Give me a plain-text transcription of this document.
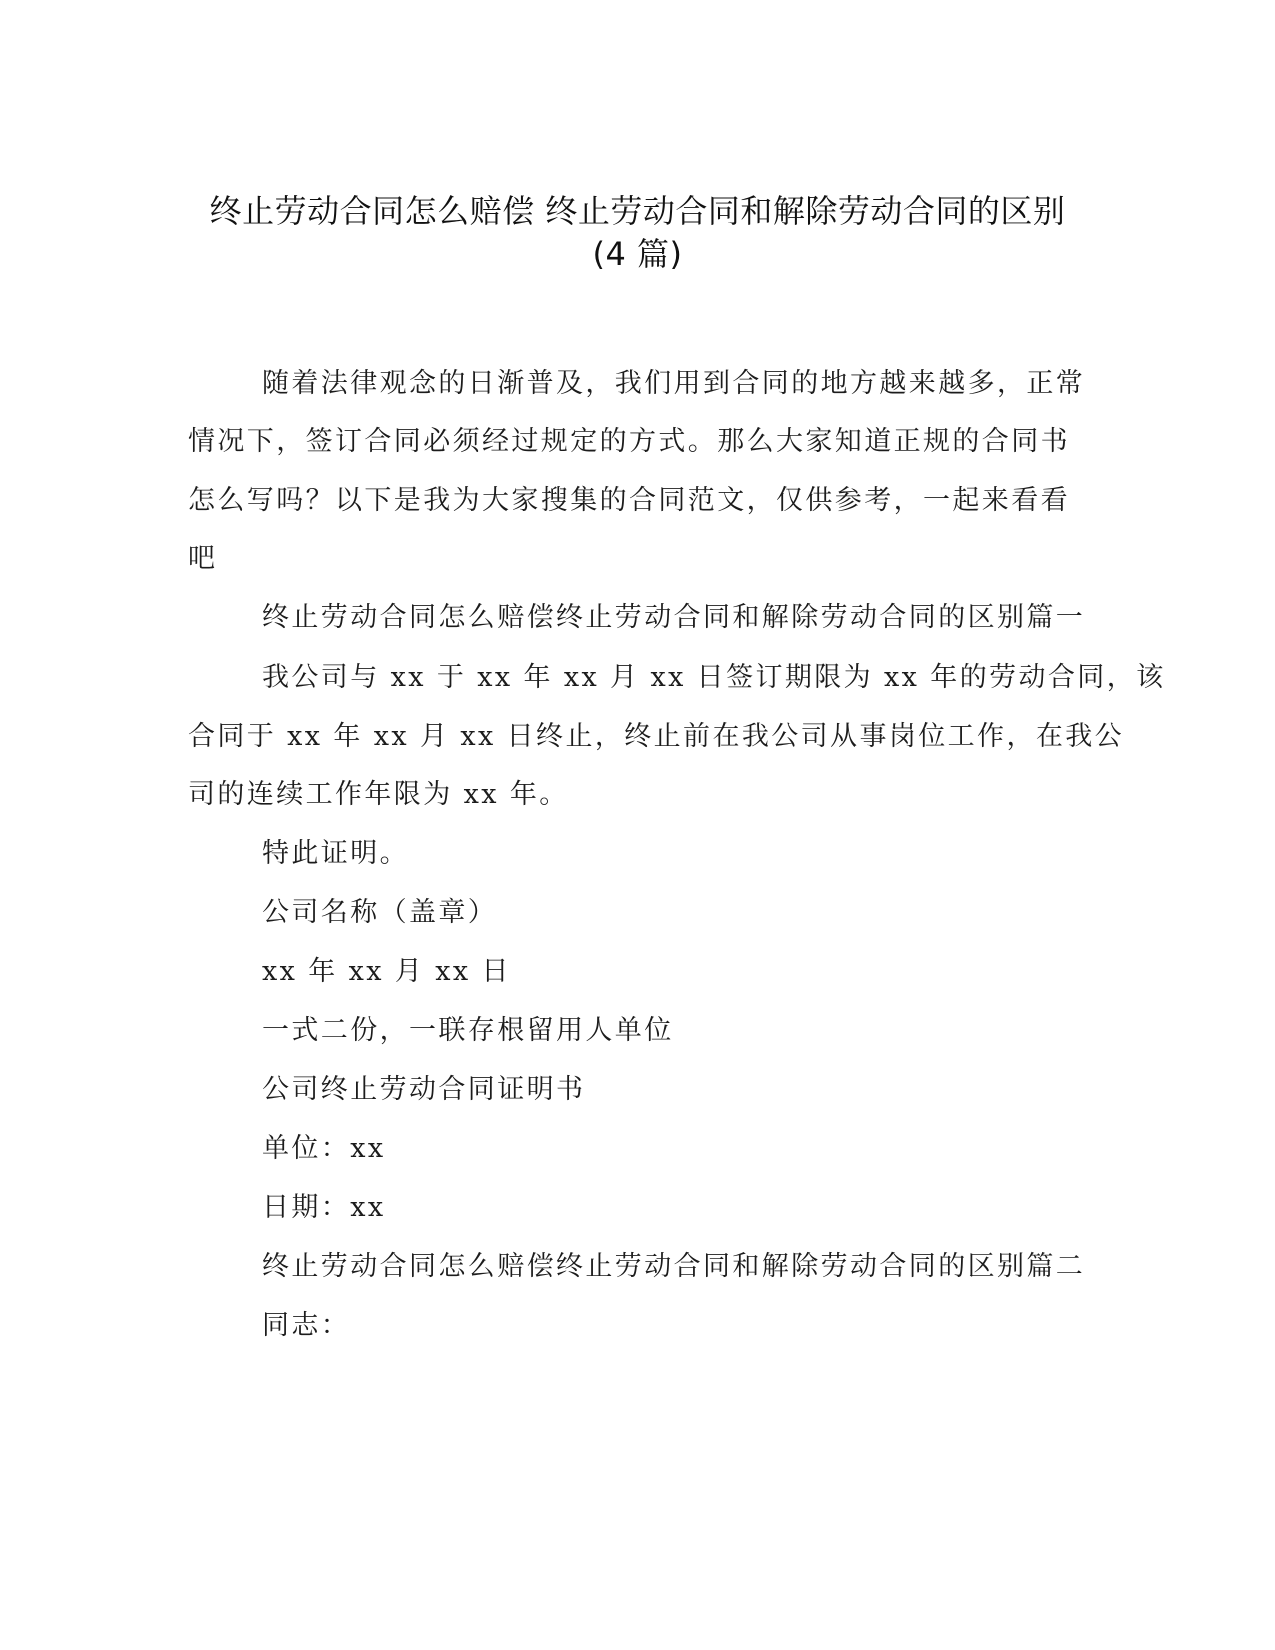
终止劳动合同怎么赔偿 终止劳动合同和解除劳动合同的区别
(4 篇)

随着法律观念的日渐普及，我们用到合同的地方越来越多，正常

情况下，签订合同必须经过规定的方式。那么大家知道正规的合同书

怎么写吗？以下是我为大家搜集的合同范文，仅供参考，一起来看看

吧

终止劳动合同怎么赔偿终止劳动合同和解除劳动合同的区别篇一

我公司与 xx 于 xx 年 xx 月 xx 日签订期限为 xx 年的劳动合同，该

合同于 xx 年 xx 月 xx 日终止，终止前在我公司从事岗位工作，在我公

司的连续工作年限为 xx 年。

特此证明。

公司名称（盖章）

xx 年 xx 月 xx 日

一式二份，一联存根留用人单位

公司终止劳动合同证明书

单位：xx

日期：xx

终止劳动合同怎么赔偿终止劳动合同和解除劳动合同的区别篇二

同志：
